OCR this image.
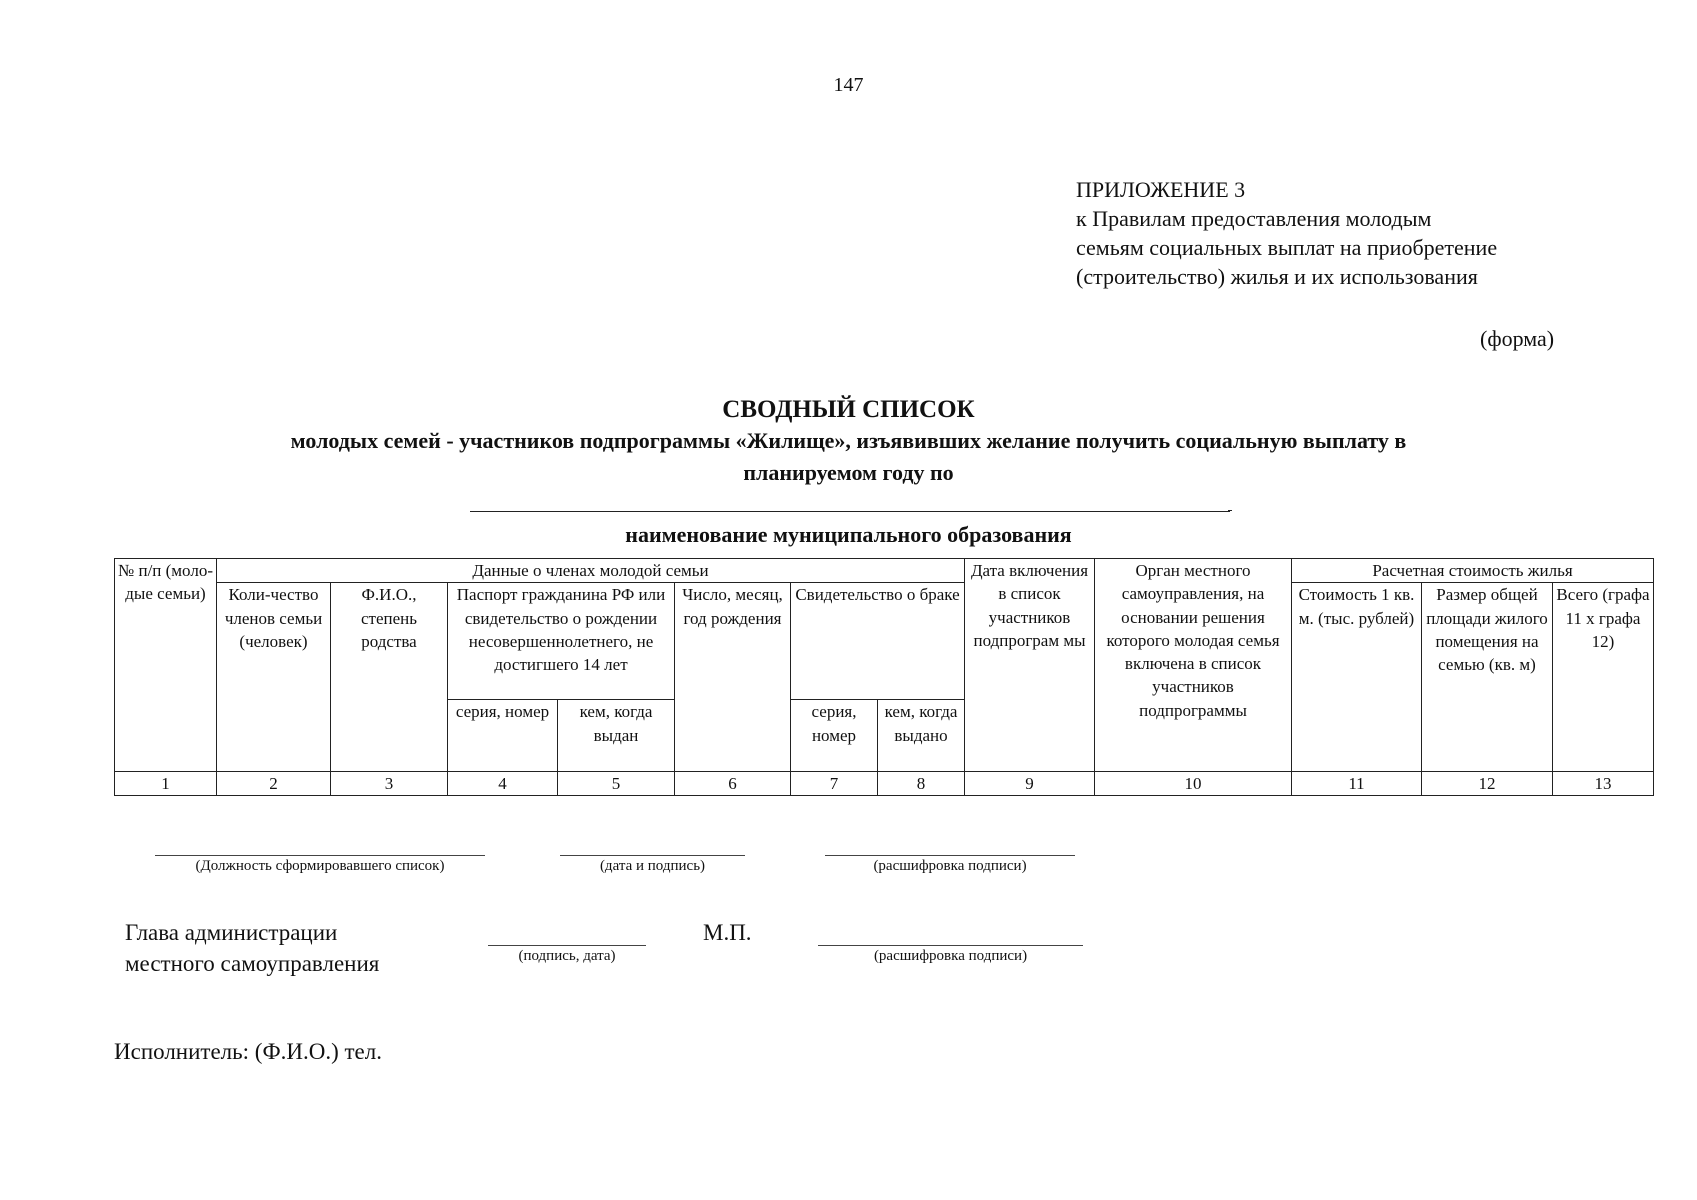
147
ПРИЛОЖЕНИЕ 3
к Правилам предоставления молодым
семьям социальных выплат на приобретение
(строительство) жилья и их использования
(форма)
СВОДНЫЙ СПИСОК
молодых семей - участников подпрограммы «Жилище», изъявивших желание получить социальную выплату в
планируемом году по
наименование муниципального образования
№ п/п (моло-дые семьи)	Данные о членах молодой семьи							Дата включения в список участников подпрограм мы	Орган местного самоуправления, на основании решения которого молодая семья включена в список участников подпрограммы	Расчетная стоимость жилья		
	Коли-чество членов семьи (человек)	Ф.И.О., степень родства	Паспорт гражданина РФ или свидетельство о рождении несовершеннолетнего, не достигшего 14 лет		Число, месяц, год рождения	Свидетельство о браке				Стоимость 1 кв. м. (тыс. рублей)	Размер общей площади жилого помещения на семью (кв. м)	Всего (графа 11 х графа 12)
			серия, номер	кем, когда выдан		серия, номер	кем, когда выдано					
1	2	3	4	5	6	7	8	9	10	11	12	13
(Должность сформировавшего список)	(дата и подпись)	(расшифровка подписи)
Глава администрации
местного самоуправления	(подпись, дата)
М.П.
(расшифровка подписи)
Исполнитель: (Ф.И.О.) тел.
